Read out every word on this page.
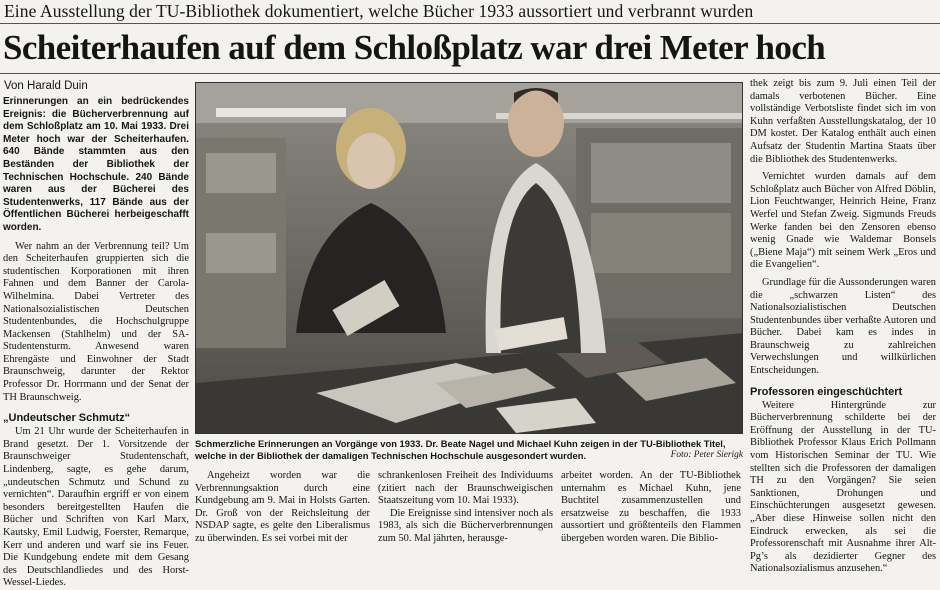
Eine Ausstellung der TU-Bibliothek dokumentiert, welche Bücher 1933 aussortiert und verbrannt wurden
Scheiterhaufen auf dem Schloßplatz war drei Meter hoch
Von Harald Duin

Erinnerungen an ein bedrückendes Ereignis: die Bücherverbrennung auf dem Schloßplatz am 10. Mai 1933. Drei Meter hoch war der Scheiterhaufen. 640 Bände stammten aus den Beständen der Bibliothek der Technischen Hochschule. 240 Bände waren aus der Bücherei des Studentenwerks, 117 Bände aus der Öffentlichen Bücherei herbeigeschafft worden.

Wer nahm an der Verbrennung teil? Um den Scheiterhaufen gruppierten sich die studentischen Korporationen mit ihren Fahnen und dem Banner der Carola-Wilhelmina. Dabei Vertreter des Nationalsozialistischen Deutschen Studentenbundes, die Hochschulgruppe Mackensen (Stahlhelm) und der SA-Studentensturm. Anwesend waren Ehrengäste und Einwohner der Stadt Braunschweig, darunter der Rektor Professor Dr. Horrmann und der Senat der TH Braunschweig.

„Undeutscher Schmutz“

Um 21 Uhr wurde der Scheiterhaufen in Brand gesetzt. Der 1. Vorsitzende der Braunschweiger Studentenschaft, Lindenberg, sagte, es gehe darum, „undeutschen Schmutz und Schund zu vernichten“. Daraufhin ergriff er von einem besonders bereitgestellten Haufen die Bücher und Schriften von Karl Marx, Kautsky, Emil Ludwig, Foerster, Remarque, Kerr und anderen und warf sie ins Feuer. Die Kundgebung endete mit dem Gesang des Deutschlandliedes und des Horst-Wessel-Liedes.

Schmerzliche Erinnerungen an Vorgänge von 1933. Dr. Beate Nagel und Michael Kuhn zeigen in der TU-Bibliothek Titel, welche in der Bibliothek der damaligen Technischen Hochschule ausgesondert wurden.	Foto: Peter Sierigk

Angeheizt worden war die Verbrennungsaktion durch eine Kundgebung am 9. Mai in Holsts Garten. Dr. Groß von der Reichsleitung der NSDAP sagte, es gelte den Liberalismus zu überwinden. Es sei vorbei mit der

schrankenlosen Freiheit des Individuums (zitiert nach der Braunschweigischen Staatszeitung vom 10. Mai 1933).

Die Ereignisse sind intensiver noch als 1983, als sich die Bücherverbrennungen zum 50. Mal jährten, herausge-

arbeitet worden. An der TU-Bibliothek unternahm es Michael Kuhn, jene Buchtitel zusammenzustellen und ersatzweise zu beschaffen, die 1933 aussortiert und größtenteils den Flammen übergeben worden waren. Die Biblio-

thek zeigt bis zum 9. Juli einen Teil der damals verbotenen Bücher. Eine vollständige Verbotsliste findet sich im von Kuhn verfaßten Ausstellungskatalog, der 10 DM kostet. Der Katalog enthält auch einen Aufsatz der Studentin Martina Staats über die Bibliothek des Studentenwerks.

Vernichtet wurden damals auf dem Schloßplatz auch Bücher von Alfred Döblin, Lion Feuchtwanger, Heinrich Heine, Franz Werfel und Stefan Zweig. Sigmunds Freuds Werke fanden bei den Zensoren ebenso wenig Gnade wie Waldemar Bonsels („Biene Maja“) mit seinem Werk „Eros und die Evangelien“.

Grundlage für die Aussonderungen waren die „schwarzen Listen“ des Nationalsozialistischen Deutschen Studentenbundes über verhaßte Autoren und Bücher. Dabei kam es indes in Braunschweig zu zahlreichen Verwechslungen und willkürlichen Entscheidungen.

Professoren eingeschüchtert

Weitere Hintergründe zur Bücherverbrennung schilderte bei der Eröffnung der Ausstellung in der TU-Bibliothek Professor Klaus Erich Pollmann vom Historischen Seminar der TU. Wie stellten sich die Professoren der damaligen TH zu den Vorgängen? Sie seien Sanktionen, Drohungen und Einschüchterungen ausgesetzt gewesen. „Aber diese Hinweise sollen nicht den Eindruck erwecken, als sei die Professorenschaft mit Ausnahme ihrer Alt-Pg’s als dezidierter Gegner des Nationalsozialismus anzusehen.“
